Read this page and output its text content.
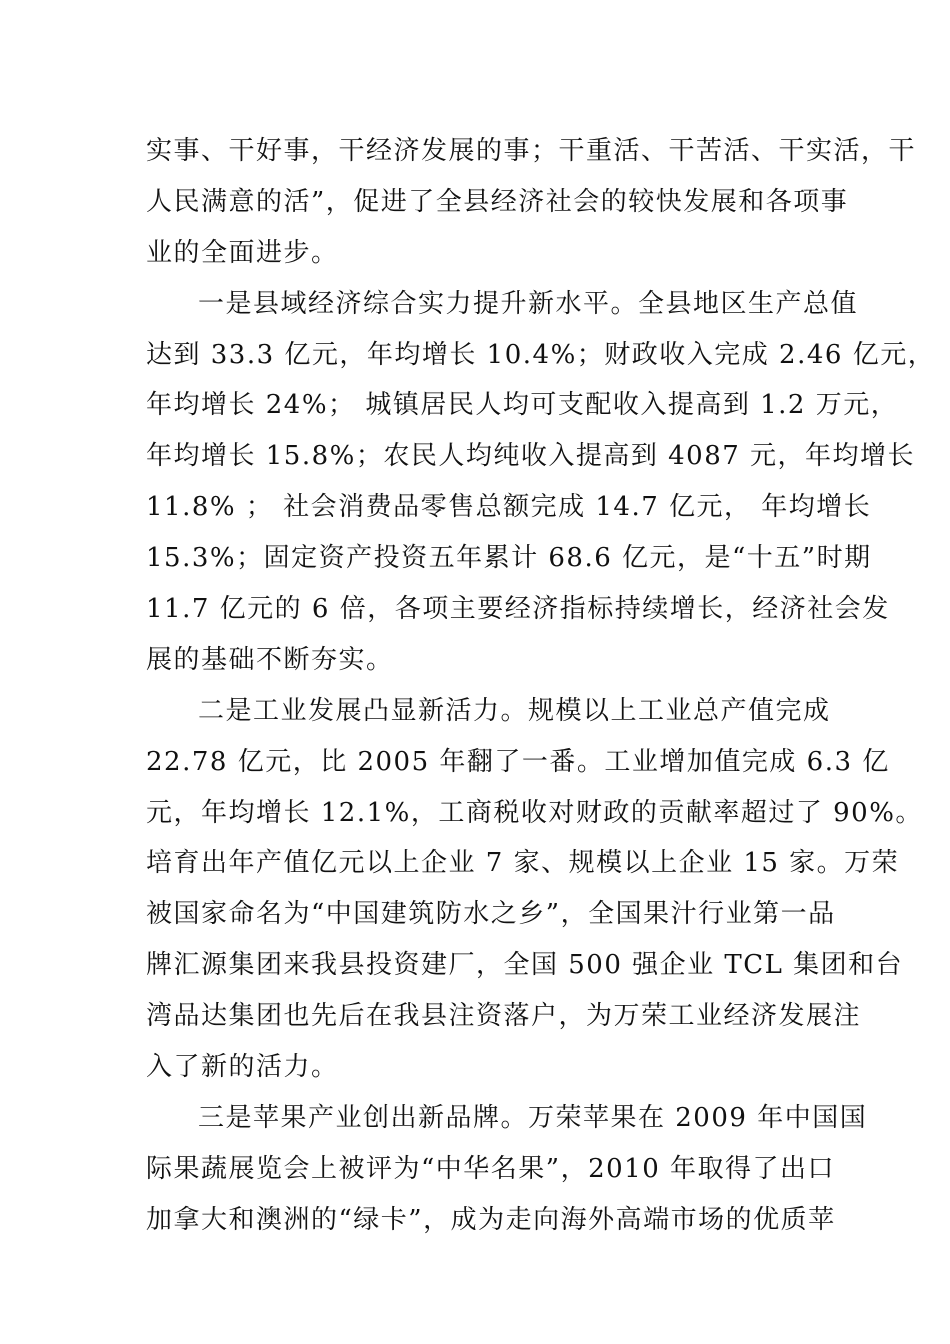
实事、干好事，干经济发展的事；干重活、干苦活、干实活，干
人民满意的活”，促进了全县经济社会的较快发展和各项事
业的全面进步。
一是县域经济综合实力提升新水平。全县地区生产总值
达到 33.3 亿元，年均增长 10.4%；财政收入完成 2.46 亿元，
年均增长 24%； 城镇居民人均可支配收入提高到 1.2 万元，
年均增长 15.8%；农民人均纯收入提高到 4087 元，年均增长
11.8% ； 社会消费品零售总额完成 14.7 亿元， 年均增长
15.3%；固定资产投资五年累计 68.6 亿元，是“十五”时期
11.7 亿元的 6 倍，各项主要经济指标持续增长，经济社会发
展的基础不断夯实。
二是工业发展凸显新活力。规模以上工业总产值完成
22.78 亿元，比 2005 年翻了一番。工业增加值完成 6.3 亿
元，年均增长 12.1%，工商税收对财政的贡献率超过了 90%。
培育出年产值亿元以上企业 7 家、规模以上企业 15 家。万荣
被国家命名为“中国建筑防水之乡”，全国果汁行业第一品
牌汇源集团来我县投资建厂，全国 500 强企业 TCL 集团和台
湾品达集团也先后在我县注资落户，为万荣工业经济发展注
入了新的活力。
三是苹果产业创出新品牌。万荣苹果在 2009 年中国国
际果蔬展览会上被评为“中华名果”，2010 年取得了出口
加拿大和澳洲的“绿卡”，成为走向海外高端市场的优质苹
